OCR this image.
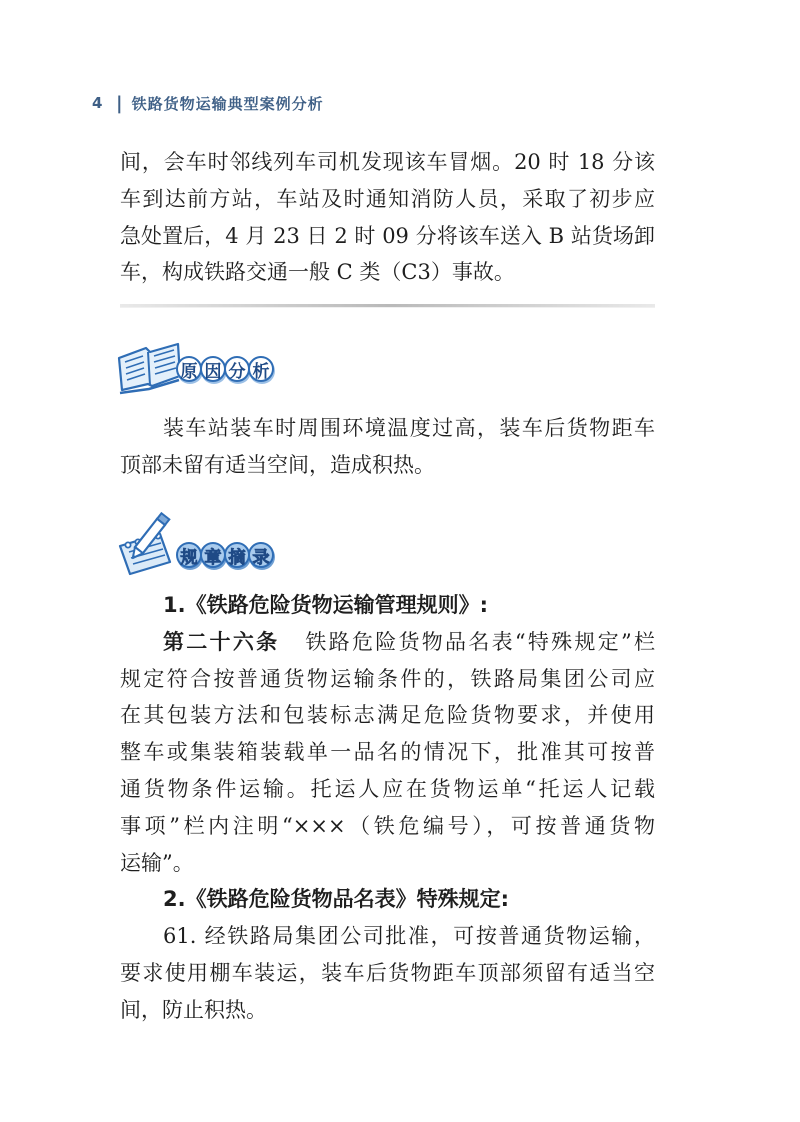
4 | 铁路货物运输典型案例分析
间，会车时邻线列车司机发现该车冒烟。20 时 18 分该
车到达前方站，车站及时通知消防人员，采取了初步应
急处置后，4 月 23 日 2 时 09 分将该车送入 B 站货场卸
车，构成铁路交通一般 C 类（C3）事故。
原 因 分 析
装车站装车时周围环境温度过高，装车后货物距车
顶部未留有适当空间，造成积热。
规 章 摘 录
1.《铁路危险货物运输管理规则》:
第二十六条 铁路危险货物品名表“特殊规定”栏
规定符合按普通货物运输条件的，铁路局集团公司应
在其包装方法和包装标志满足危险货物要求，并使用
整车或集装箱装载单一品名的情况下，批准其可按普
通货物条件运输。托运人应在货物运单“托运人记载
事项”栏内注明“×××（铁危编号），可按普通货物
运输”。
2.《铁路危险货物品名表》特殊规定:
61. 经铁路局集团公司批准，可按普通货物运输，
要求使用棚车装运，装车后货物距车顶部须留有适当空
间，防止积热。
